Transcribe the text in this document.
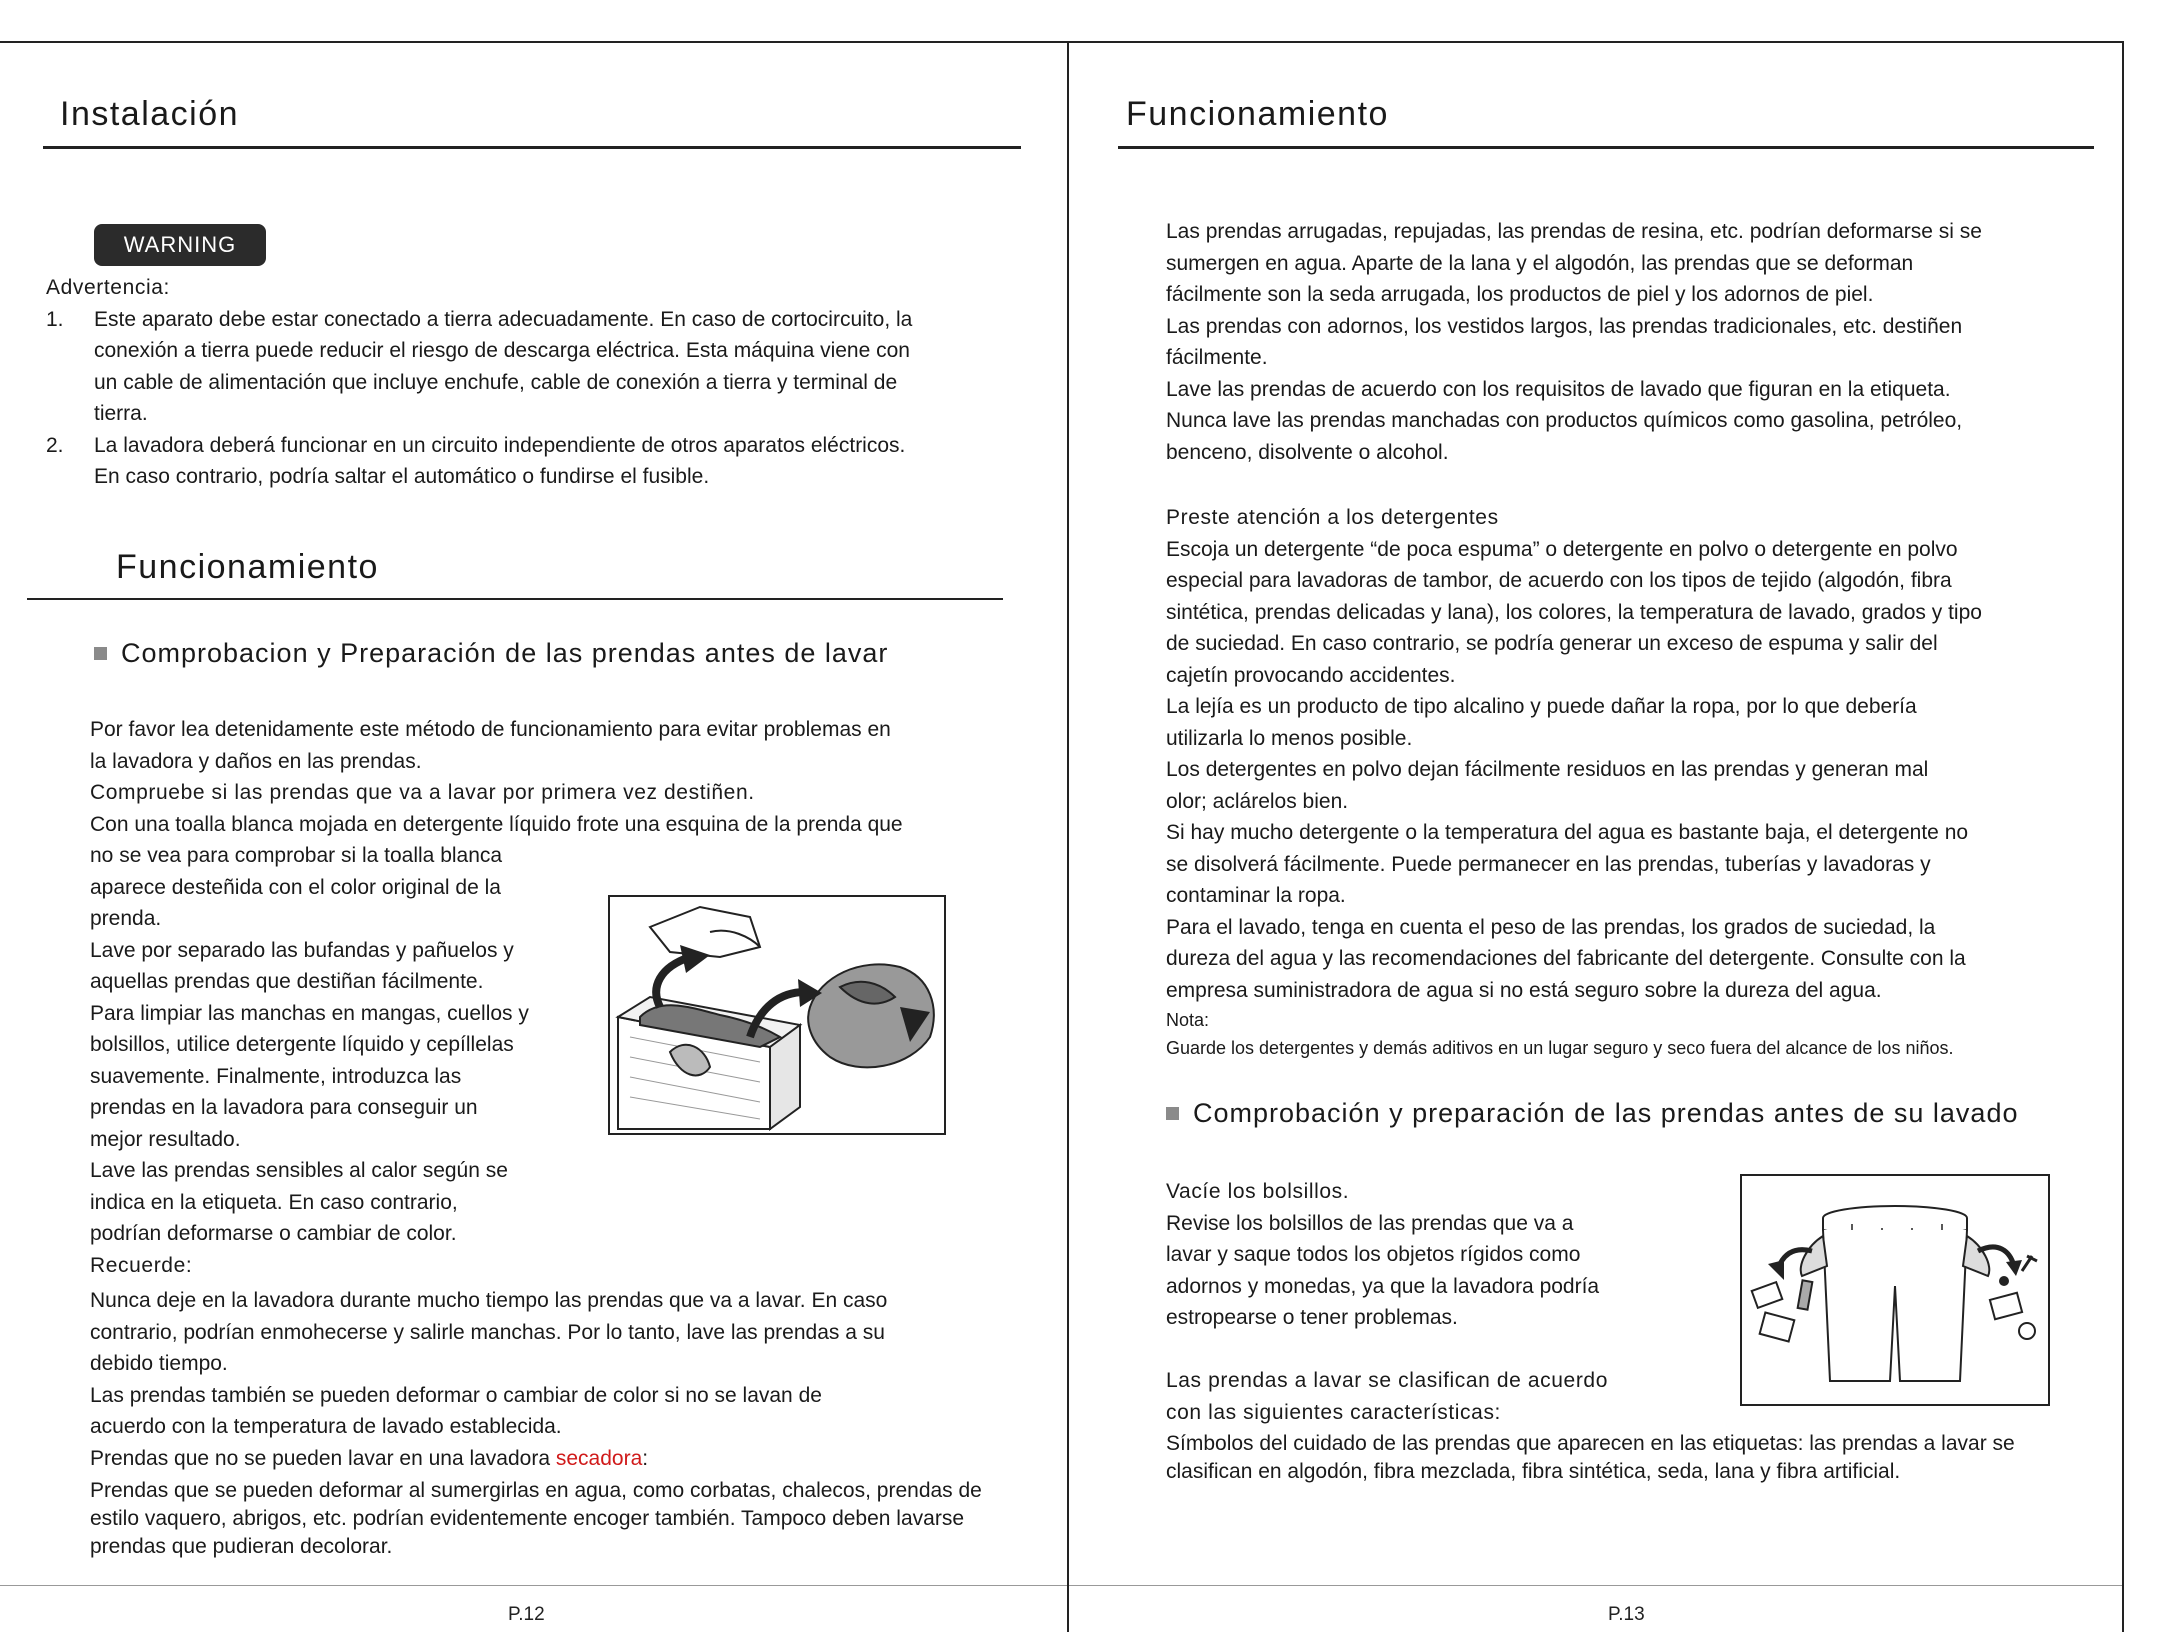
Instalación
WARNING

Advertencia:

1.	Este aparato debe estar conectado a tierra adecuadamente. En caso de cortocircuito, la

conexión a tierra puede reducir el riesgo de descarga eléctrica. Esta máquina viene con

un cable de alimentación que incluye enchufe, cable de conexión a tierra y terminal de

tierra.

2.	La lavadora deberá funcionar en un circuito independiente de otros aparatos eléctricos.

En caso contrario, podría saltar el automático o fundirse el fusible.

Funcionamiento
Comprobacion y Preparación de las prendas antes de lavar

Por favor lea detenidamente este método de funcionamiento para evitar problemas en

la lavadora y daños en las prendas.

Compruebe si las prendas que va a lavar por primera vez destiñen.

Con una toalla blanca mojada en detergente líquido frote una esquina de la prenda que

no se vea para comprobar si la toalla blanca

aparece desteñida con el color original de la

prenda.

Lave por separado las bufandas y pañuelos y

aquellas prendas que destiñan fácilmente.

Para limpiar las manchas en mangas, cuellos y

bolsillos, utilice detergente líquido y cepíllelas

suavemente. Finalmente, introduzca las

prendas en la lavadora para conseguir un

mejor resultado.

Lave las prendas sensibles al calor según se

indica en la etiqueta. En caso contrario,

podrían deformarse o cambiar de color.

Recuerde:

Nunca deje en la lavadora durante mucho tiempo las prendas que va a lavar. En caso

contrario, podrían enmohecerse y salirle manchas. Por lo tanto, lave las prendas a su

debido tiempo.

Las prendas también se pueden deformar o cambiar de color si no se lavan de

acuerdo con la temperatura de lavado establecida.

Prendas que no se pueden lavar en una lavadora secadora:

Prendas que se pueden deformar al sumergirlas en agua, como corbatas, chalecos, prendas de

estilo vaquero, abrigos, etc. podrían evidentemente encoger también. Tampoco deben lavarse

prendas que pudieran decolorar.

P.12
Funcionamiento

Las prendas arrugadas, repujadas, las prendas de resina, etc. podrían deformarse si se

sumergen en agua. Aparte de la lana y el algodón, las prendas que se deforman

fácilmente son la seda arrugada, los productos de piel y los adornos de piel.

Las prendas con adornos, los vestidos largos, las prendas tradicionales, etc. destiñen

fácilmente.

Lave las prendas de acuerdo con los requisitos de lavado que figuran en la etiqueta.

Nunca lave las prendas manchadas con productos químicos como gasolina, petróleo,

benceno, disolvente o alcohol.

Preste atención a los detergentes

Escoja un detergente “de poca espuma” o detergente en polvo o detergente en polvo

especial para lavadoras de tambor, de acuerdo con los tipos de tejido (algodón, fibra

sintética, prendas delicadas y lana), los colores, la temperatura de lavado, grados y tipo

de suciedad. En caso contrario, se podría generar un exceso de espuma y salir del

cajetín provocando accidentes.

La lejía es un producto de tipo alcalino y puede dañar la ropa, por lo que debería

utilizarla lo menos posible.

Los detergentes en polvo dejan fácilmente residuos en las prendas y generan mal

olor; aclárelos bien.

Si hay mucho detergente o la temperatura del agua es bastante baja, el detergente no

se disolverá fácilmente. Puede permanecer en las prendas, tuberías y lavadoras y

contaminar la ropa.

Para el lavado, tenga en cuenta el peso de las prendas, los grados de suciedad, la

dureza del agua y las recomendaciones del fabricante del detergente. Consulte con la

empresa suministradora de agua si no está seguro sobre la dureza del agua.

Nota:

Guarde los detergentes y demás aditivos en un lugar seguro y seco fuera del alcance de los niños.

Comprobación y preparación de las prendas antes de su lavado

Vacíe los bolsillos.

Revise los bolsillos de las prendas que va a

lavar y saque todos los objetos rígidos como

adornos y monedas, ya que la lavadora podría

estropearse o tener problemas.

Las prendas a lavar se clasifican de acuerdo

con las siguientes características:

Símbolos del cuidado de las prendas que aparecen en las etiquetas: las prendas a lavar se

clasifican en algodón, fibra mezclada, fibra sintética, seda, lana y fibra artificial.

P.13
